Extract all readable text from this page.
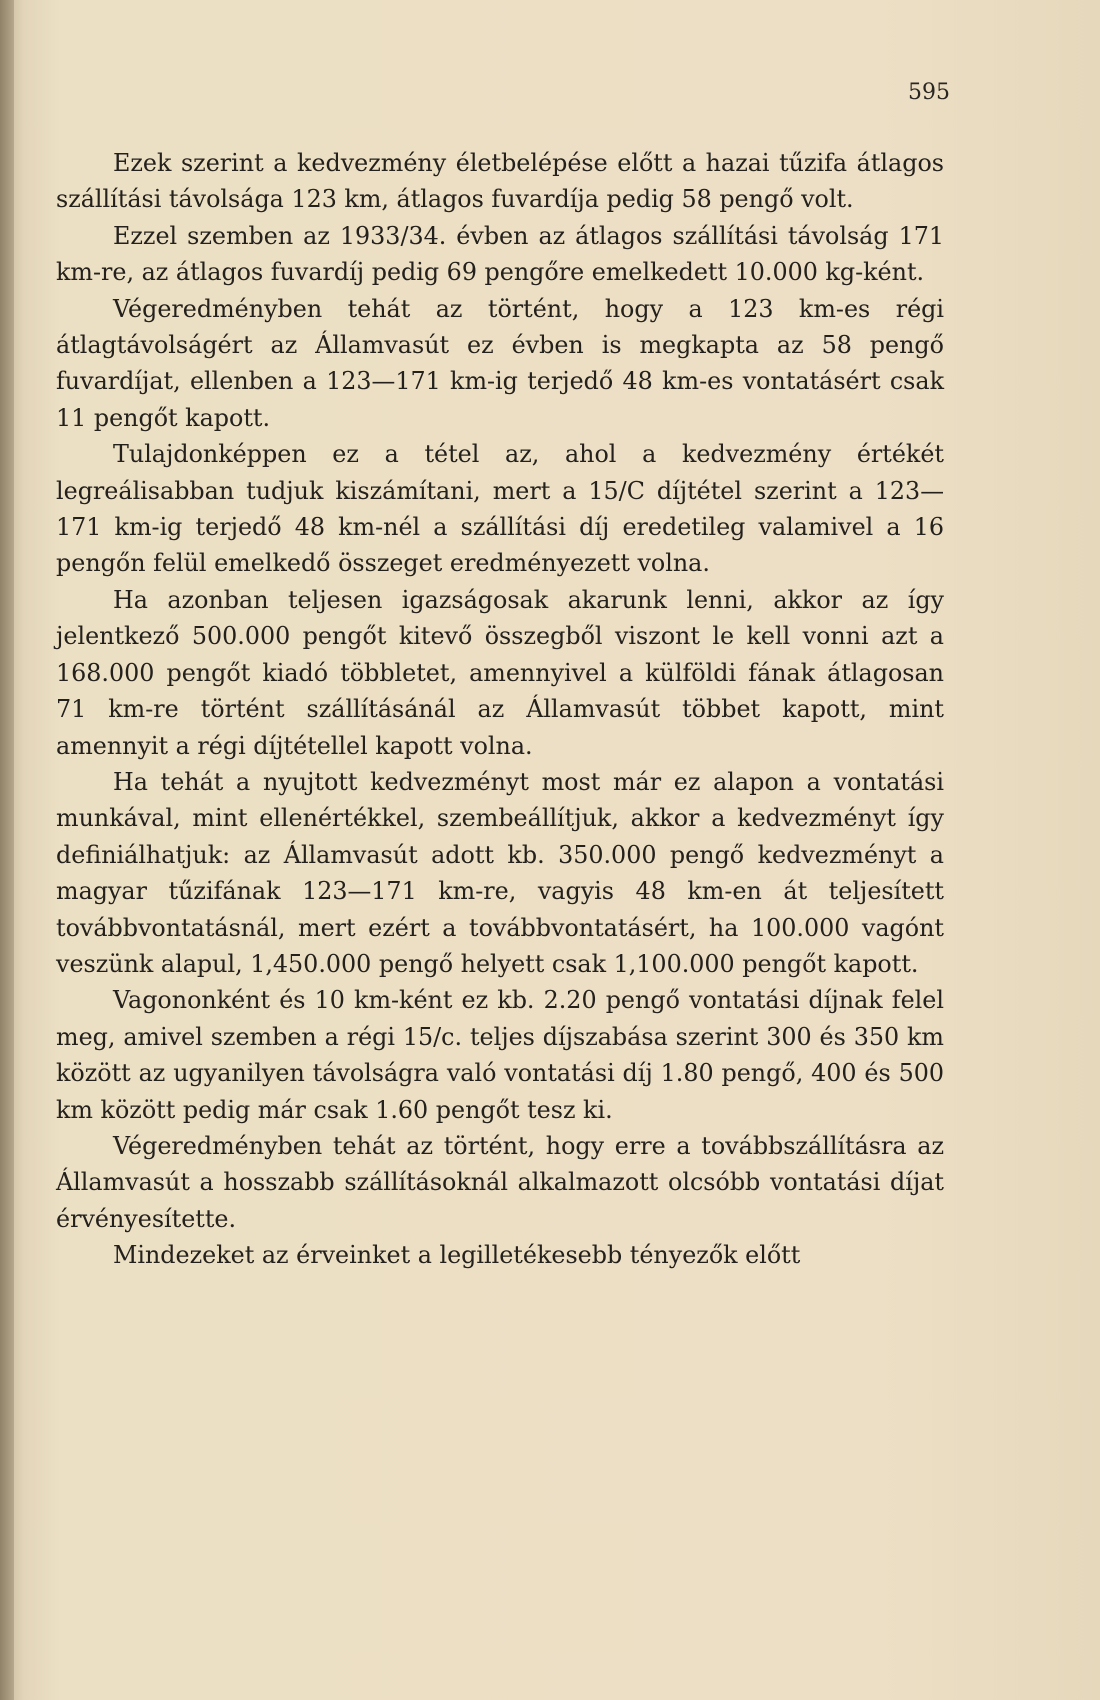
595

Ezek szerint a kedvezmény életbelépése előtt a hazai tűzifa átlagos szállítási távolsága 123 km, átlagos fuvardíja pedig 58 pengő volt.

Ezzel szemben az 1933/34. évben az átlagos szállítási távolság 171 km-re, az átlagos fuvardíj pedig 69 pengőre emelkedett 10.000 kg-ként.

Végeredményben tehát az történt, hogy a 123 km-es régi átlagtávolságért az Államvasút ez évben is megkapta az 58 pengő fuvardíjat, ellenben a 123—171 km-ig terjedő 48 km-es vontatásért csak 11 pengőt kapott.

Tulajdonképpen ez a tétel az, ahol a kedvezmény értékét legreálisabban tudjuk kiszámítani, mert a 15/C díjtétel szerint a 123—171 km-ig terjedő 48 km-nél a szállítási díj eredetileg valamivel a 16 pengőn felül emelkedő összeget eredményezett volna.

Ha azonban teljesen igazságosak akarunk lenni, akkor az így jelentkező 500.000 pengőt kitevő összegből viszont le kell vonni azt a 168.000 pengőt kiadó többletet, amennyivel a külföldi fának átlagosan 71 km-re történt szállításánál az Államvasút többet kapott, mint amennyit a régi díjtétellel kapott volna.

Ha tehát a nyujtott kedvezményt most már ez alapon a vontatási munkával, mint ellenértékkel, szembeállítjuk, akkor a kedvezményt így definiálhatjuk: az Államvasút adott kb. 350.000 pengő kedvezményt a magyar tűzifának 123—171 km-re, vagyis 48 km-en át teljesített továbbvontatásnál, mert ezért a továbbvontatásért, ha 100.000 vagónt veszünk alapul, 1,450.000 pengő helyett csak 1,100.000 pengőt kapott.

Vagononként és 10 km-ként ez kb. 2.20 pengő vontatási díjnak felel meg, amivel szemben a régi 15/c. teljes díjszabása szerint 300 és 350 km között az ugyanilyen távolságra való vontatási díj 1.80 pengő, 400 és 500 km között pedig már csak 1.60 pengőt tesz ki.

Végeredményben tehát az történt, hogy erre a továbbszállításra az Államvasút a hosszabb szállításoknál alkalmazott olcsóbb vontatási díjat érvényesítette.

Mindezeket az érveinket a legilletékesebb tényezők előtt
